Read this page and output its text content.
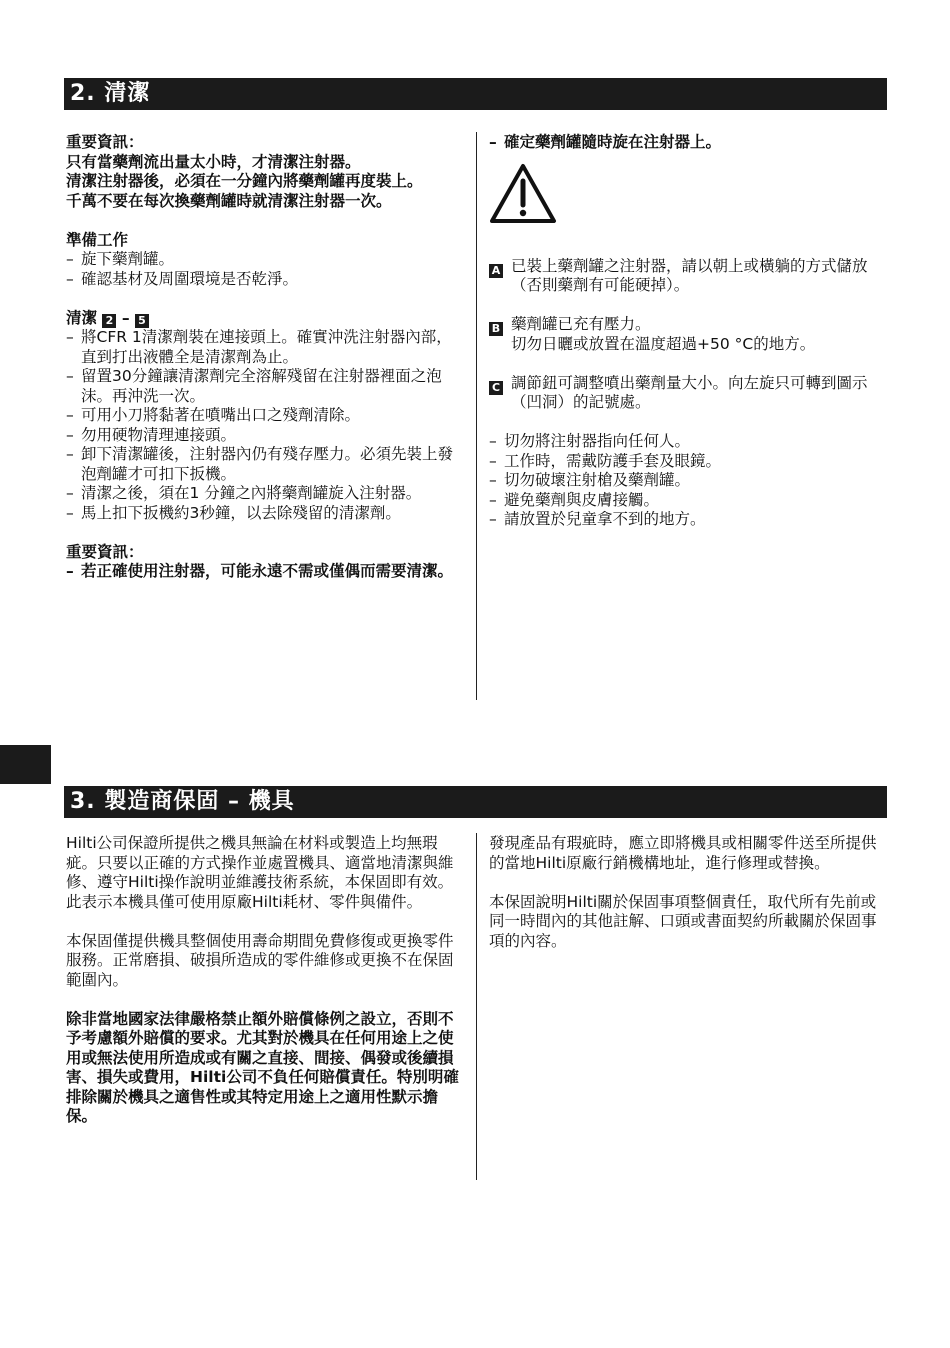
2. 清潔

重要資訊：

只有當藥劑流出量太小時，才清潔注射器。

清潔注射器後，必須在一分鐘內將藥劑罐再度裝上。

千萬不要在每次換藥劑罐時就清潔注射器一次。

準備工作

– 旋下藥劑罐。
– 確認基材及周圍環境是否乾淨。

清潔 2 – 5

– 將CFR 1清潔劑裝在連接頭上。確實沖洗注射器內部，直到打出液體全是清潔劑為止。
– 留置30分鐘讓清潔劑完全溶解殘留在注射器裡面之泡沫。再沖洗一次。
– 可用小刀將黏著在噴嘴出口之殘劑清除。
– 勿用硬物清理連接頭。
– 卸下清潔罐後，注射器內仍有殘存壓力。必須先裝上發泡劑罐才可扣下扳機。
– 清潔之後，須在1 分鐘之內將藥劑罐旋入注射器。
– 馬上扣下扳機約3秒鐘，以去除殘留的清潔劑。

重要資訊：

– 若正確使用注射器，可能永遠不需或僅偶而需要清潔。
– 確定藥劑罐隨時旋在注射器上。
A 已裝上藥劑罐之注射器，請以朝上或橫躺的方式儲放（否則藥劑有可能硬掉）。
B 藥劑罐已充有壓力。
切勿日曬或放置在溫度超過+50 °C的地方。
C 調節鈕可調整噴出藥劑量大小。向左旋只可轉到圖示（凹洞）的記號處。
– 切勿將注射器指向任何人。
– 工作時，需戴防護手套及眼鏡。
– 切勿破壞注射槍及藥劑罐。
– 避免藥劑與皮膚接觸。
– 請放置於兒童拿不到的地方。
3. 製造商保固 – 機具

Hilti公司保證所提供之機具無論在材料或製造上均無瑕疵。只要以正確的方式操作並處置機具、適當地清潔與維修、遵守Hilti操作說明並維護技術系統，本保固即有效。此表示本機具僅可使用原廠Hilti耗材、零件與備件。

本保固僅提供機具整個使用壽命期間免費修復或更換零件服務。正常磨損、破損所造成的零件維修或更換不在保固範圍內。

除非當地國家法律嚴格禁止額外賠償條例之設立，否則不予考慮額外賠償的要求。尤其對於機具在任何用途上之使用或無法使用所造成或有關之直接、間接、偶發或後續損害、損失或費用，Hilti公司不負任何賠償責任。特別明確排除關於機具之適售性或其特定用途上之適用性默示擔保。

發現產品有瑕疵時，應立即將機具或相關零件送至所提供的當地Hilti原廠行銷機構地址，進行修理或替換。

本保固說明Hilti關於保固事項整個責任，取代所有先前或同一時間內的其他註解、口頭或書面契約所載關於保固事項的內容。
